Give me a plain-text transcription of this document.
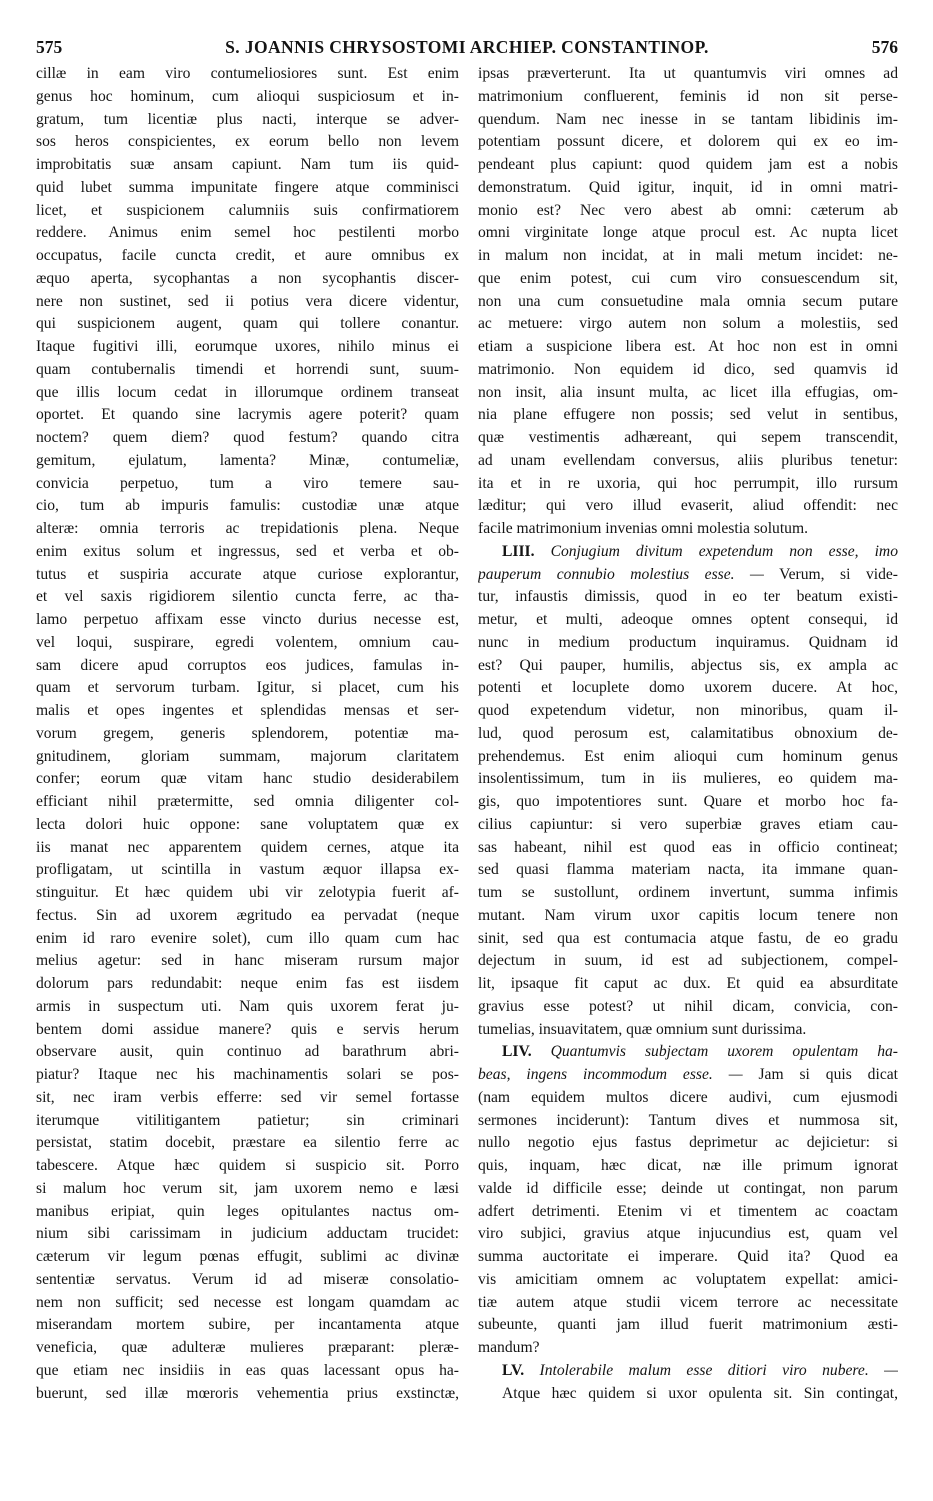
575	S. JOANNIS CHRYSOSTOMI ARCHIEP. CONSTANTINOP.	576
cillæ in eam viro contumeliosiores sunt. Est enim
genus hoc hominum, cum alioqui suspiciosum et in-
gratum, tum licentiæ plus nacti, interque se adver-
sos heros conspicientes, ex eorum bello non levem
improbitatis suæ ansam capiunt. Nam tum iis quid-
quid lubet summa impunitate fingere atque comminisci
licet, et suspicionem calumniis suis confirmatiorem
reddere. Animus enim semel hoc pestilenti morbo
occupatus, facile cuncta credit, et aure omnibus ex
æquo aperta, sycophantas a non sycophantis discer-
nere non sustinet, sed ii potius vera dicere videntur,
qui suspicionem augent, quam qui tollere conantur.
Itaque fugitivi illi, eorumque uxores, nihilo minus ei
quam contubernalis timendi et horrendi sunt, suum-
que illis locum cedat in illorumque ordinem transeat
oportet. Et quando sine lacrymis agere poterit? quam
noctem? quem diem? quod festum? quando citra
gemitum, ejulatum, lamenta? Minæ, contumeliæ,
convicia perpetuo, tum a viro temere sau-
cio, tum ab impuris famulis: custodiæ unæ atque
alteræ: omnia terroris ac trepidationis plena. Neque
enim exitus solum et ingressus, sed et verba et ob-
tutus et suspiria accurate atque curiose explorantur,
et vel saxis rigidiorem silentio cuncta ferre, ac tha-
lamo perpetuo affixam esse vincto durius necesse est,
vel loqui, suspirare, egredi volentem, omnium cau-
sam dicere apud corruptos eos judices, famulas in-
quam et servorum turbam. Igitur, si placet, cum his
malis et opes ingentes et splendidas mensas et ser-
vorum gregem, generis splendorem, potentiæ ma-
gnitudinem, gloriam summam, majorum claritatem
confer; eorum quæ vitam hanc studio desiderabilem
efficiant nihil prætermitte, sed omnia diligenter col-
lecta dolori huic oppone: sane voluptatem quæ ex
iis manat nec apparentem quidem cernes, atque ita
profligatam, ut scintilla in vastum æquor illapsa ex-
stinguitur. Et hæc quidem ubi vir zelotypia fuerit af-
fectus. Sin ad uxorem ægritudo ea pervadat (neque
enim id raro evenire solet), cum illo quam cum hac
melius agetur: sed in hanc miseram rursum major
dolorum pars redundabit: neque enim fas est iisdem
armis in suspectum uti. Nam quis uxorem ferat ju-
bentem domi assidue manere? quis e servis herum
observare ausit, quin continuo ad barathrum abri-
piatur? Itaque nec his machinamentis solari se pos-
sit, nec iram verbis efferre: sed vir semel fortasse
iterumque vitilitigantem patietur; sin criminari
persistat, statim docebit, præstare ea silentio ferre ac
tabescere. Atque hæc quidem si suspicio sit. Porro
si malum hoc verum sit, jam uxorem nemo e læsi
manibus eripiat, quin leges opitulantes nactus om-
nium sibi carissimam in judicium adductam trucidet:
cæterum vir legum pœnas effugit, sublimi ac divinæ
sententiæ servatus. Verum id ad miseræ consolatio-
nem non sufficit; sed necesse est longam quamdam ac
miserandam mortem subire, per incantamenta atque
veneficia, quæ adulteræ mulieres præparant: pleræ-
que etiam nec insidiis in eas quas lacessant opus ha-
buerunt, sed illæ mœroris vehementia prius exstinctæ,
ipsas præverterunt. Ita ut quantumvis viri omnes ad
matrimonium confluerent, feminis id non sit perse-
quendum. Nam nec inesse in se tantam libidinis im-
potentiam possunt dicere, et dolorem qui ex eo im-
pendeant plus capiunt: quod quidem jam est a nobis
demonstratum. Quid igitur, inquit, id in omni matri-
monio est? Nec vero abest ab omni: cæterum ab
omni virginitate longe atque procul est. Ac nupta licet
in malum non incidat, at in mali metum incidet: ne-
que enim potest, cui cum viro consuescendum sit,
non una cum consuetudine mala omnia secum putare
ac metuere: virgo autem non solum a molestiis, sed
etiam a suspicione libera est. At hoc non est in omni
matrimonio. Non equidem id dico, sed quamvis id
non insit, alia insunt multa, ac licet illa effugias, om-
nia plane effugere non possis; sed velut in sentibus,
quæ vestimentis adhæreant, qui sepem transcendit,
ad unam evellendam conversus, aliis pluribus tenetur:
ita et in re uxoria, qui hoc perrumpit, illo rursum
læditur; qui vero illud evaserit, aliud offendit: nec
facile matrimonium invenias omni molestia solutum.
LIII. Conjugium divitum expetendum non esse, imo
pauperum connubio molestius esse. — Verum, si vide-
tur, infaustis dimissis, quod in eo ter beatum existi-
metur, et multi, adeoque omnes optent consequi, id
nunc in medium productum inquiramus. Quidnam id
est? Qui pauper, humilis, abjectus sis, ex ampla ac
potenti et locuplete domo uxorem ducere. At hoc,
quod expetendum videtur, non minoribus, quam il-
lud, quod perosum est, calamitatibus obnoxium de-
prehendemus. Est enim alioqui cum hominum genus
insolentissimum, tum in iis mulieres, eo quidem ma-
gis, quo impotentiores sunt. Quare et morbo hoc fa-
cilius capiuntur: si vero superbiæ graves etiam cau-
sas habeant, nihil est quod eas in officio contineat;
sed quasi flamma materiam nacta, ita immane quan-
tum se sustollunt, ordinem invertunt, summa infimis
mutant. Nam virum uxor capitis locum tenere non
sinit, sed qua est contumacia atque fastu, de eo gradu
dejectum in suum, id est ad subjectionem, compel-
lit, ipsaque fit caput ac dux. Et quid ea absurditate
gravius esse potest? ut nihil dicam, convicia, con-
tumelias, insuavitatem, quæ omnium sunt durissima.
LIV. Quantumvis subjectam uxorem opulentam ha-
beas, ingens incommodum esse. — Jam si quis dicat
(nam equidem multos dicere audivi, cum ejusmodi
sermones inciderunt): Tantum dives et nummosa sit,
nullo negotio ejus fastus deprimetur ac dejicietur: si
quis, inquam, hæc dicat, næ ille primum ignorat
valde id difficile esse; deinde ut contingat, non parum
adfert detrimenti. Etenim vi et timentem ac coactam
viro subjici, gravius atque injucundius est, quam vel
summa auctoritate ei imperare. Quid ita? Quod ea
vis amicitiam omnem ac voluptatem expellat: amici-
tiæ autem atque studii vicem terrore ac necessitate
subeunte, quanti jam illud fuerit matrimonium æsti-
mandum?
LV. Intolerabile malum esse ditiori viro nubere. —
Atque hæc quidem si uxor opulenta sit. Sin contingat,
